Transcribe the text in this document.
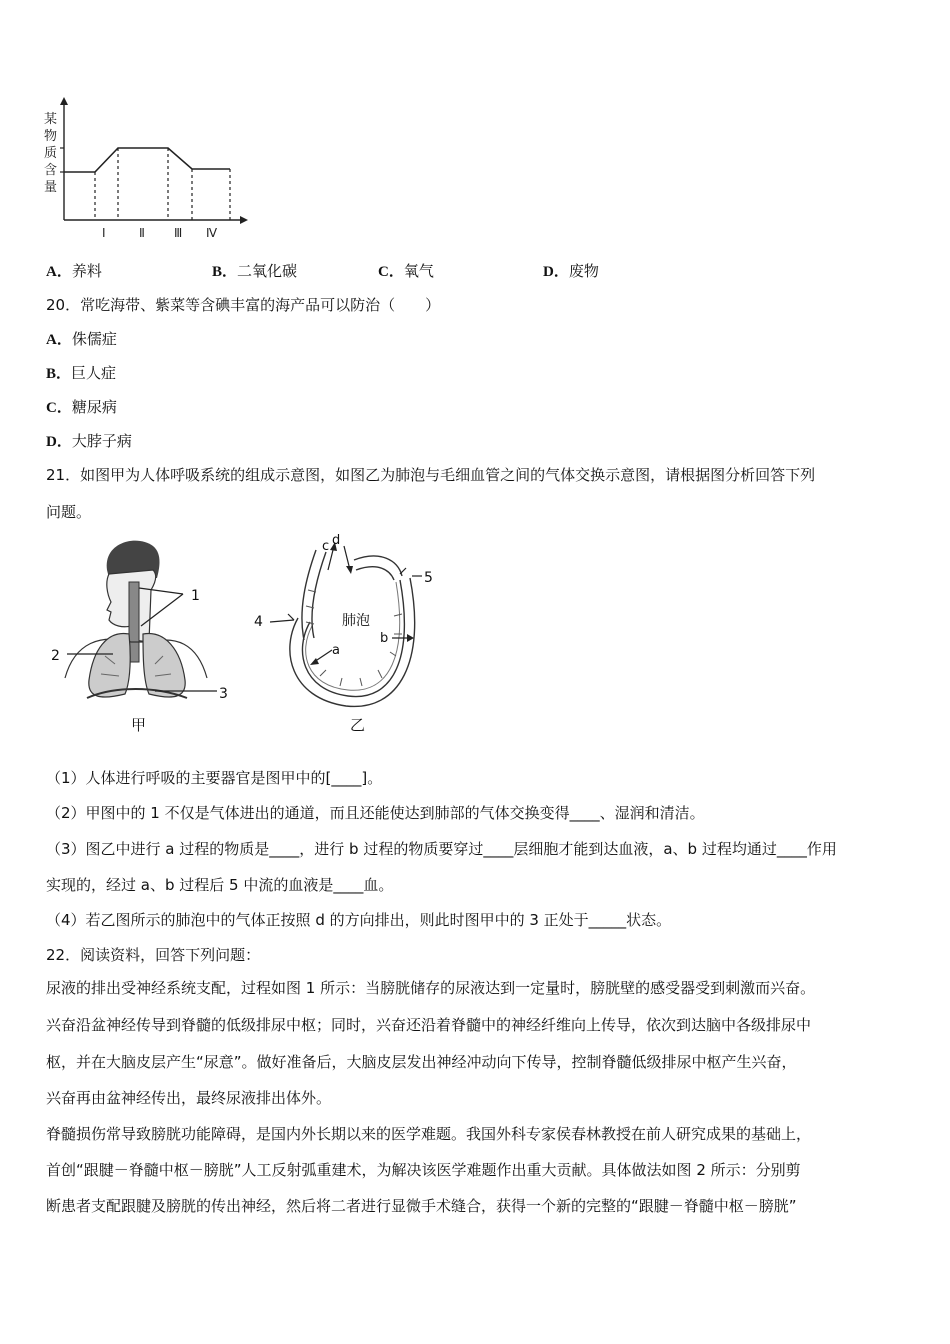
某
物
质
含
量
Ⅰ	Ⅱ Ⅲ Ⅳ
A．养料	B．二氧化碳	C．氧气	D．废物
20．常吃海带、紫菜等含碘丰富的海产品可以防治（　　）
A．侏儒症
B．巨人症
C．糖尿病
D．大脖子病
21．如图甲为人体呼吸系统的组成示意图，如图乙为肺泡与毛细血管之间的气体交换示意图，请根据图分析回答下列
问题。
1
2
3
甲
c d
肺泡
a
b
4
5
乙
（1）人体进行呼吸的主要器官是图甲中的[____]。
（2）甲图中的 1 不仅是气体进出的通道，而且还能使达到肺部的气体交换变得____、湿润和清洁。
（3）图乙中进行 a 过程的物质是____，进行 b 过程的物质要穿过____层细胞才能到达血液，a、b 过程均通过____作用
实现的，经过 a、b 过程后 5 中流的血液是____血。
（4）若乙图所示的肺泡中的气体正按照 d 的方向排出，则此时图甲中的 3 正处于_____状态。
22．阅读资料，回答下列问题：
尿液的排出受神经系统支配，过程如图 1 所示：当膀胱储存的尿液达到一定量时，膀胱壁的感受器受到刺激而兴奋。
兴奋沿盆神经传导到脊髓的低级排尿中枢；同时，兴奋还沿着脊髓中的神经纤维向上传导，依次到达脑中各级排尿中
枢，并在大脑皮层产生“尿意”。做好准备后，大脑皮层发出神经冲动向下传导，控制脊髓低级排尿中枢产生兴奋，
兴奋再由盆神经传出，最终尿液排出体外。
脊髓损伤常导致膀胱功能障碍，是国内外长期以来的医学难题。我国外科专家侯春林教授在前人研究成果的基础上，
首创“跟腱－脊髓中枢－膀胱”人工反射弧重建术，为解决该医学难题作出重大贡献。具体做法如图 2 所示：分别剪
断患者支配跟腱及膀胱的传出神经，然后将二者进行显微手术缝合，获得一个新的完整的“跟腱－脊髓中枢－膀胱”
